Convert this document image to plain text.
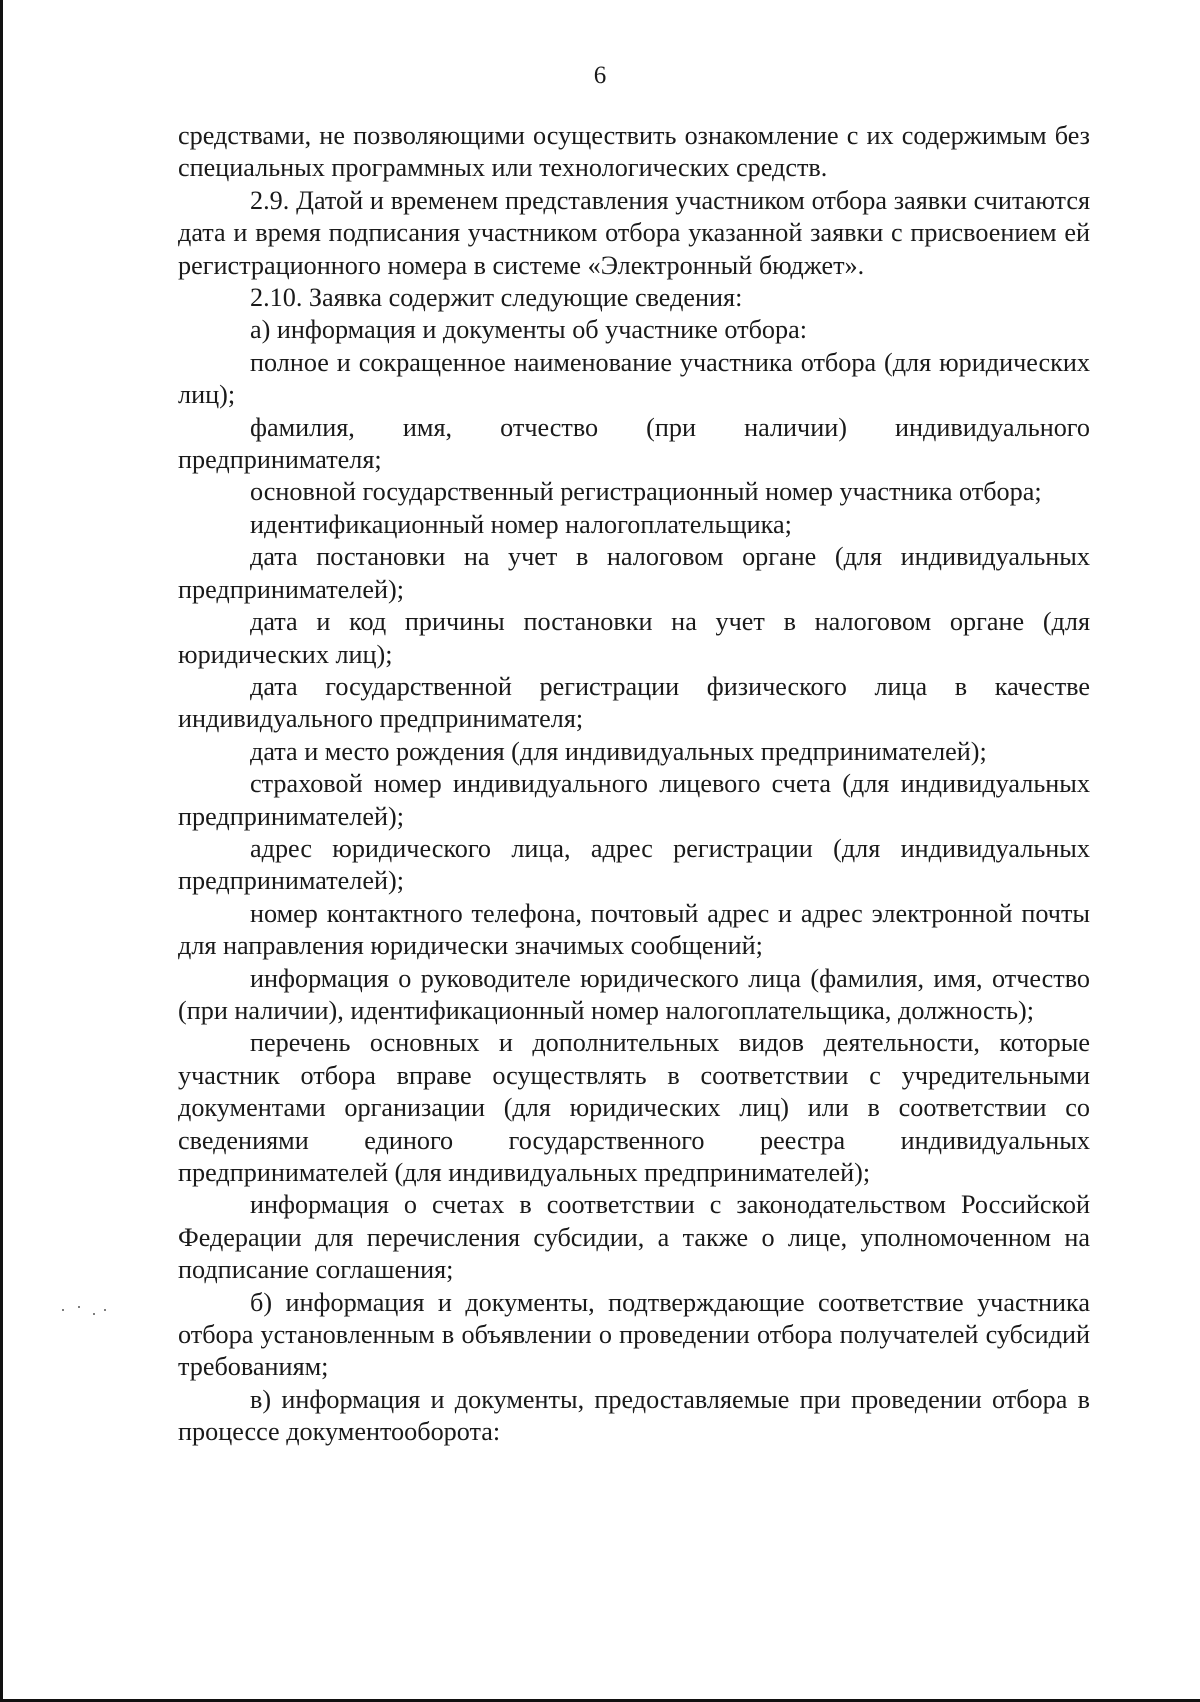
6

средствами, не позволяющими осуществить ознакомление с их содержимым без специальных программных или технологических средств.

2.9. Датой и временем представления участником отбора заявки считаются дата и время подписания участником отбора указанной заявки с присвоением ей регистрационного номера в системе «Электронный бюджет».

2.10. Заявка содержит следующие сведения:

а) информация и документы об участнике отбора:

полное и сокращенное наименование участника отбора (для юридических лиц);

фамилия, имя, отчество (при наличии) индивидуального предпринимателя;

основной государственный регистрационный номер участника отбора;

идентификационный номер налогоплательщика;

дата постановки на учет в налоговом органе (для индивидуальных предпринимателей);

дата и код причины постановки на учет в налоговом органе (для юридических лиц);

дата государственной регистрации физического лица в качестве индивидуального предпринимателя;

дата и место рождения (для индивидуальных предпринимателей);

страховой номер индивидуального лицевого счета (для индивидуальных предпринимателей);

адрес юридического лица, адрес регистрации (для индивидуальных предпринимателей);

номер контактного телефона, почтовый адрес и адрес электронной почты для направления юридически значимых сообщений;

информация о руководителе юридического лица (фамилия, имя, отчество (при наличии), идентификационный номер налогоплательщика, должность);

перечень основных и дополнительных видов деятельности, которые участник отбора вправе осуществлять в соответствии с учредительными документами организации (для юридических лиц) или в соответствии со сведениями единого государственного реестра индивидуальных предпринимателей (для индивидуальных предпринимателей);

информация о счетах в соответствии с законодательством Российской Федерации для перечисления субсидии, а также о лице, уполномоченном на подписание соглашения;

б) информация и документы, подтверждающие соответствие участника отбора установленным в объявлении о проведении отбора получателей субсидий требованиям;

в) информация и документы, предоставляемые при проведении отбора в процессе документооборота:
